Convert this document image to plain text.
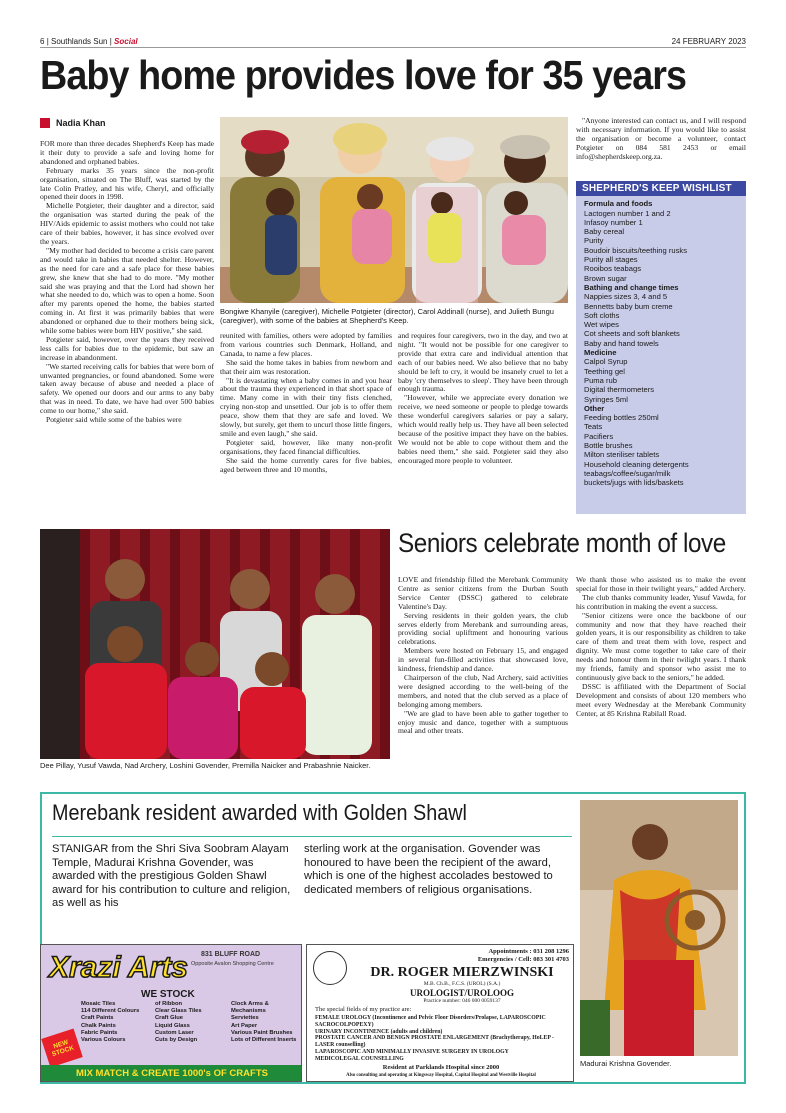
6 | Southlands Sun | Social	24 FEBRUARY 2023
Baby home provides love for 35 years
Nadia Khan

FOR more than three decades Shepherd's Keep has made it their duty to provide a safe and loving home for abandoned and orphaned babies.

February marks 35 years since the non-profit organisation, situated on The Bluff, was started by the late Colin Pratley, and his wife, Cheryl, and officially opened their doors in 1998.

Michelle Potgieter, their daughter and a director, said the organisation was started during the peak of the HIV/Aids epidemic to assist mothers who could not take care of their babies, however, it has since evolved over the years.

"My mother had decided to become a crisis care parent and would take in babies that needed shelter. However, as the need for care and a safe place for these babies grew, she knew that she had to do more. "My mother said she was praying and that the Lord had shown her what she needed to do, which was to open a home. Soon after my parents opened the home, the babies started coming in. At first it was primarily babies that were abandoned or orphaned due to their mothers being sick, while some babies were born HIV positive," she said.

Potgieter said, however, over the years they received less calls for babies due to the epidemic, but saw an increase in abandonment.

"We started receiving calls for babies that were born of unwanted pregnancies, or found abandoned. Some were taken away because of abuse and needed a place of safety. We opened our doors and our arms to any baby that was in need. To date, we have had over 500 babies come to our home," she said.

Potgieter said while some of the babies were

Bongiwe Khanyile (caregiver), Michelle Potgieter (director), Carol Addinall (nurse), and Julieth Bungu (caregiver), with some of the babies at Shepherd's Keep.

reunited with families, others were adopted by families from various countries such Denmark, Holland, and Canada, to name a few places.

She said the home takes in babies from newborn and that their aim was restoration.

"It is devastating when a baby comes in and you hear about the trauma they experienced in that short space of time. Many come in with their tiny fists clenched, crying non-stop and unsettled. Our job is to offer them peace, show them that they are safe and loved. We slowly, but surely, get them to uncurl those little fingers, smile and even laugh," she said.

Potgieter said, however, like many non-profit organisations, they faced financial difficulties.

She said the home currently cares for five babies, aged between three and 10 months,

and requires four caregivers, two in the day, and two at night. "It would not be possible for one caregiver to provide that extra care and individual attention that each of our babies need. We also believe that no baby should be left to cry, it would be insanely cruel to let a baby 'cry themselves to sleep'. They have been through enough trauma.

"However, while we appreciate every donation we receive, we need someone or people to pledge towards these wonderful caregivers salaries or pay a salary, which would really help us. They have all been selected because of the positive impact they have on the babies. We would not be able to cope without them and the babies need them," she said. Potgieter said they also encouraged more people to volunteer.

"Anyone interested can contact us, and I will respond with necessary information. If you would like to assist the organisation or become a volunteer, contact Potgieter on 084 581 2453 or email info@shepherdskeep.org.za.

SHEPHERD'S KEEP WISHLIST
Formula and foods
Lactogen number 1 and 2
Infasoy number 1
Baby cereal
Purity
Boudoir biscuits/teething rusks
Purity all stages
Rooibos teabags
Brown sugar
Bathing and change times
Nappies sizes 3, 4 and 5
Bennetts baby bum creme
Soft cloths
Wet wipes
Cot sheets and soft blankets
Baby and hand towels
Medicine
Calpol Syrup
Teething gel
Puma rub
Digital thermometers
Syringes 5ml
Other
Feeding bottles 250ml
Teats
Pacifiers
Bottle brushes
Milton steriliser tablets
Household cleaning detergents
teabags/coffee/sugar/milk
buckets/jugs with lids/baskets
Dee Pillay, Yusuf Vawda, Nad Archery, Loshini Govender, Premilla Naicker and Prabashnie Naicker.
Seniors celebrate month of love

LOVE and friendship filled the Merebank Community Centre as senior citizens from the Durban South Service Center (DSSC) gathered to celebrate Valentine's Day.

Serving residents in their golden years, the club serves elderly from Merebank and surrounding areas, providing social upliftment and honouring various celebrations.

Members were hosted on February 15, and engaged in several fun-filled activities that showcased love, kindness, friendship and dance.

Chairperson of the club, Nad Archery, said activities were designed according to the well-being of the members, and noted that the club served as a place of belonging among members.

"We are glad to have been able to gather together to enjoy music and dance, together with a sumptuous meal and other treats.

We thank those who assisted us to make the event special for those in their twilight years," added Archery.

The club thanks community leader, Yusuf Vawda, for his contribution in making the event a success.

"Senior citizens were once the backbone of our community and now that they have reached their golden years, it is our responsibility as children to take care of them and treat them with love, respect and dignity. We must come together to take care of their needs and honour them in their twilight years. I thank my friends, family and sponsor who assist me to continuously give back to the seniors," he added.

DSSC is affiliated with the Department of Social Development and consists of about 120 members who meet every Wednesday at the Merebank Community Center, at 85 Krishna Rabilall Road.

Merebank resident awarded with Golden Shawl
STANIGAR from the Shri Siva Soobram Alayam Temple, Madurai Krishna Govender, was awarded with the prestigious Golden Shawl award for his contribution to culture and religion, as well as his
sterling work at the organisation. Govender was honoured to have been the recipient of the award, which is one of the highest accolades bestowed to dedicated members of religious organisations.
Madurai Krishna Govender.
Xrazi Arts 831 BLUFF ROAD
Opposite Avalon Shopping Centre
WE STOCK
NEW STOCK
Mosaic Tiles
114 Different Colours
Craft Paints
Chalk Paints
Fabric Paints
Various Colours
of Ribbon
Clear Glass Tiles
Craft Glue
Liquid Glass
Custom Laser
Cuts by Design
Clock Arms &
Mechanisms
Serviettes
Art Paper
Various Paint Brushes
Lots of Different Inserts
MIX MATCH & CREATE 1000's OF CRAFTS
Appointments : 031 208 1296
Emergencies / Cell: 083 301 4703
DR. ROGER MIERZWINSKI
M.B. Ch.B., F.C.S. (UROL) (S.A.)
UROLOGIST/UROLOOG
Practice number: 046 000 0059137
The special fields of my practice are:
FEMALE UROLOGY (Incontinence and Pelvic Floor Disorders/Prolapse, LAPAROSCOPIC SACROCOLPOPEXY)
URINARY INCONTINENCE (adults and children)
PROSTATE CANCER AND BENIGN PROSTATE ENLARGEMENT (Brachytherapy, HoLEP - LASER counselling)
LAPAROSCOPIC AND MINIMALLY INVASIVE SURGERY IN UROLOGY
MEDICOLEGAL COUNSELLING
Resident at Parklands Hospital since 2000
Also consulting and operating at Kingsway Hospital, Capital Hospital and Westville Hospital
